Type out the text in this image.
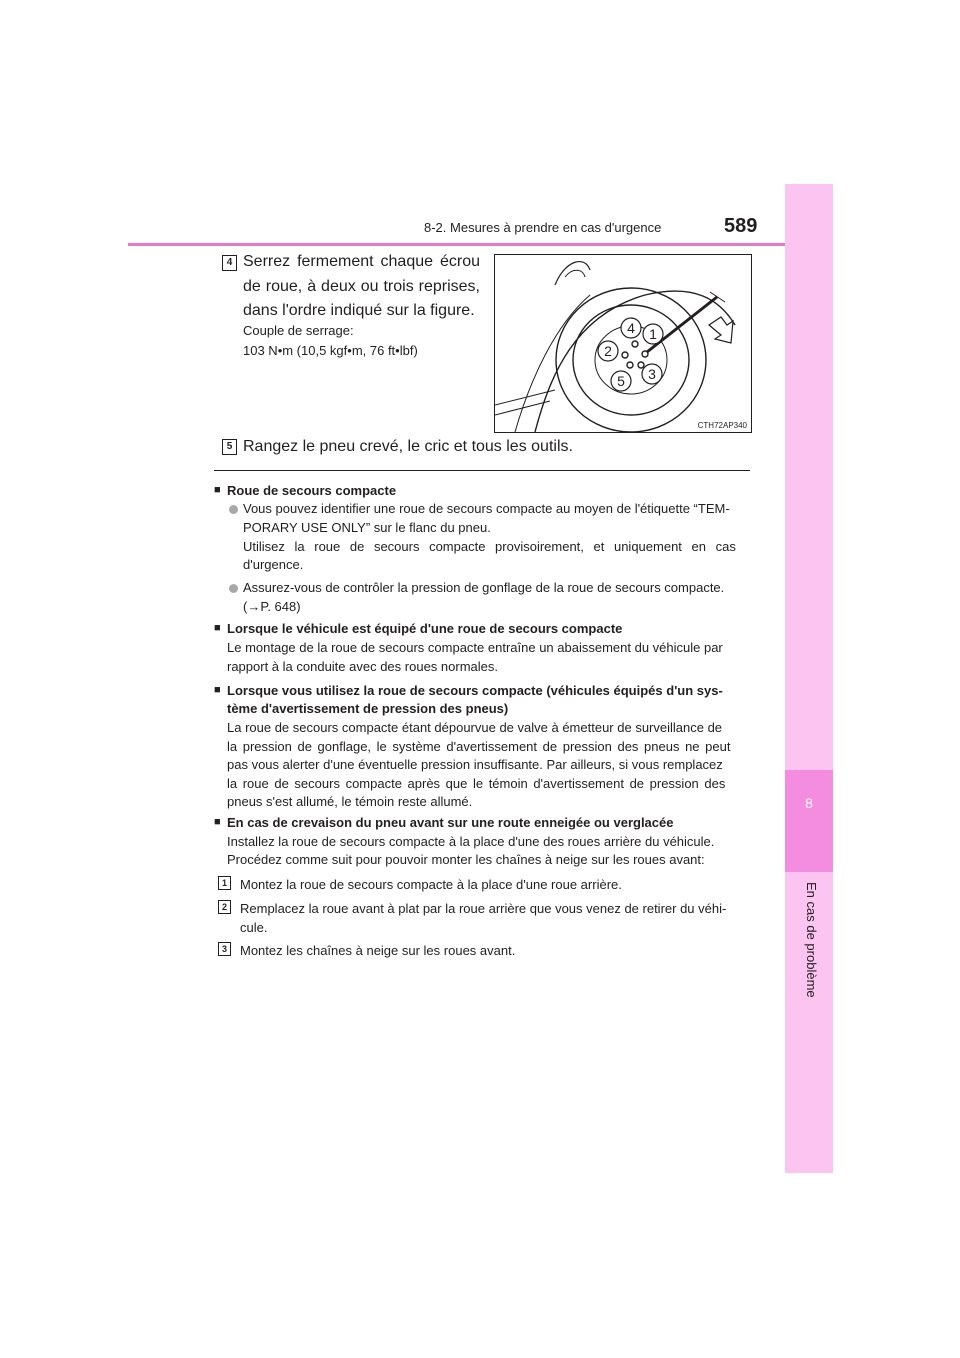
8-2. Mesures à prendre en cas d'urgence	589
8
En cas de problème
4 Serrez fermement chaque écrou de roue, à deux ou trois reprises, dans l'ordre indiqué sur la figure.
Couple de serrage:
103 N•m (10,5 kgf•m, 76 ft•lbf)
1
4
2
3
5
CTH72AP340
5 Rangez le pneu crevé, le cric et tous les outils.
■ Roue de secours compacte
Vous pouvez identifier une roue de secours compacte au moyen de l'étiquette “TEM-
PORARY USE ONLY” sur le flanc du pneu.
Utilisez la roue de secours compacte provisoirement, et uniquement en cas
d'urgence.
Assurez-vous de contrôler la pression de gonflage de la roue de secours compacte.
(→P. 648)
■ Lorsque le véhicule est équipé d'une roue de secours compacte
Le montage de la roue de secours compacte entraîne un abaissement du véhicule par
rapport à la conduite avec des roues normales.
■ Lorsque vous utilisez la roue de secours compacte (véhicules équipés d'un sys-
tème d'avertissement de pression des pneus)
La roue de secours compacte étant dépourvue de valve à émetteur de surveillance de
la pression de gonflage, le système d'avertissement de pression des pneus ne peut
pas vous alerter d'une éventuelle pression insuffisante. Par ailleurs, si vous remplacez
la roue de secours compacte après que le témoin d'avertissement de pression des
pneus s'est allumé, le témoin reste allumé.
■ En cas de crevaison du pneu avant sur une route enneigée ou verglacée
Installez la roue de secours compacte à la place d'une des roues arrière du véhicule.
Procédez comme suit pour pouvoir monter les chaînes à neige sur les roues avant:
1	Montez la roue de secours compacte à la place d'une roue arrière.
2	Remplacez la roue avant à plat par la roue arrière que vous venez de retirer du véhi-
cule.
3	Montez les chaînes à neige sur les roues avant.
